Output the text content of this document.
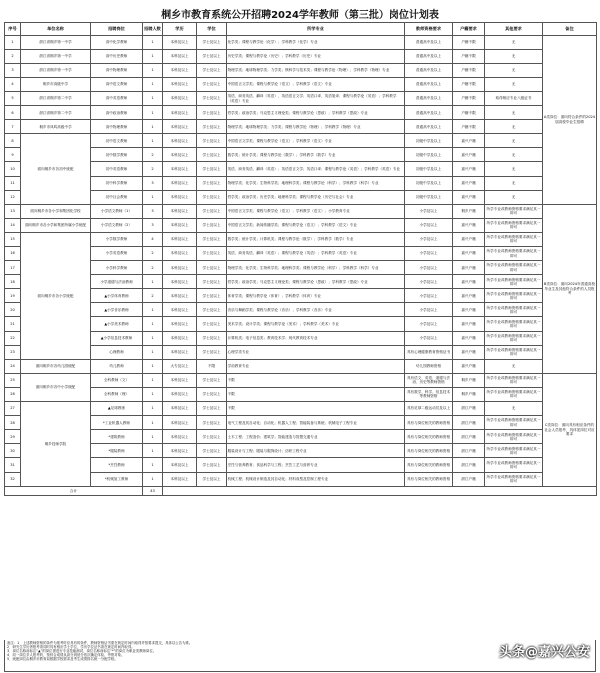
桐乡市教育系统公开招聘2024学年教师（第三批）岗位计划表
序号	单位名称	招聘岗位	招聘人数	学历	学位	所学专业	教师资格要求	户籍要求	其他要求	备注
1	浙江省桐乡第一中学	高中化学教师	1	本科及以上	学士及以上	化学类；课程与教学论（化学）；学科教学（化学）专业	普通高中及以上	户籍不限	无	A类岗位：面向符合条件的2024届高校毕业生招聘
2	浙江省桐乡第一中学	高中历史教师	1	本科及以上	学士及以上	历史学类；课程与教学论（历史）；学科教学（历史）专业	普通高中及以上	户籍不限	无	
3	浙江省桐乡第一中学	高中物理教师	1	本科及以上	学士及以上	物理学类；地球物理学类；力学类；核科学与技术类；课程与教学论（物理）；学科教学（物理）专业	普通高中及以上	户籍不限	无	
4	桐乡市高级中学	高中语文教师	1	本科及以上	学士及以上	中国语言文学类；课程与教学论（语文）；学科教学（语文）专业	普通高中及以上	户籍不限	无	
5	浙江省桐乡第二中学	高中英语教师	1	本科及以上	学士及以上	英语、商务英语、翻译（英语）、英语语言文学；英语口译、英语笔译；课程与教学论（英语）；学科教学（英语）专业	普通高中及以上	户籍不限	取得相应专业八级证书	
6	浙江省桐乡第二中学	高中政治教师	1	本科及以上	学士及以上	哲学类；政治学类；马克思主义理论类；课程与教学论（思政）；学科教学（思政）专业	普通高中及以上	户籍不限	无	
7	桐乡市凤鸣高级中学	高中物理教师	1	本科及以上	学士及以上	物理学类；地球物理学类；力学类；课程与教学论（物理）；学科教学（物理）专业	普通高中及以上	户籍不限	无	
8	面向桐乡市各初中统配	初中语文教师	1	本科及以上	学士及以上	中国语言文学类；课程与教学论（语文）；学科教学（语文）专业	初级中学及以上	嘉兴户籍	无	
9		初中数学教师	2	本科及以上	学士及以上	数学类；统计学类；课程与教学论（数学）；学科教学（数学）专业	初级中学及以上	嘉兴户籍	无	
10		初中英语教师	2	本科及以上	学士及以上	英语、商务英语、翻译（英语）；英语语言文学；英语口译；课程与教学论（英语）；学科教学（英语）专业	初级中学及以上	嘉兴户籍	无	
11		初中科学教师	3	本科及以上	学士及以上	物理学类；化学类；生物科学类；地理科学类；课程与教学论（科学）；学科教学（科学）专业	初级中学及以上	嘉兴户籍	无	
12		初中社会教师	1	本科及以上	学士及以上	哲学类；政治学类；历史学类；地理科学类；课程与教学论（历史与社会）专业	初级中学及以上	嘉兴户籍	无	
13	面向桐乡市各小学和集团化学校	小学语文教师（1）	3	本科及以上	学士及以上	中国语言文学类；课程与教学论（语文）；学科教学（语文）；小学教育专业	小学及以上	桐乡户籍	所学专业或教师资格要求满足其一即可	B类岗位：面向2024年普通高校毕业生及其他符合条件的人员报考
14	面向桐乡市各小学和集团所属小学统配	小学语文教师（2）	3	本科及以上	学士及以上	中国语言文学类；新闻传播学类；课程与教学论（语文）；学科教学（语文）专业	小学及以上	嘉兴户籍	所学专业或教师资格要求满足其一即可	
15	面向桐乡市各小学统配	小学数学教师	4	本科及以上	学士及以上	数学类；统计学类；计算机类；课程与教学论（数学）；学科教学（数学）专业	小学及以上	嘉兴户籍	所学专业或教师资格要求满足其一即可	
16		小学英语教师	2	本科及以上	学士及以上	英语、商务英语、翻译（英语）；课程与教学论（英语）；学科教学（英语）专业	小学及以上	嘉兴户籍	所学专业或教师资格要求满足其一即可	
17		小学科学教师	2	本科及以上	学士及以上	物理学类；化学类；生物科学类；地理科学类；课程与教学论（科学）；学科教学（科学）专业	小学及以上	嘉兴户籍	所学专业或教师资格要求满足其一即可	
18		小学道德与法治教师	1	本科及以上	学士及以上	哲学类；政治学类；马克思主义理论类；课程与教学论（思政）；学科教学（思政）专业	小学及以上	嘉兴户籍	所学专业或教师资格要求满足其一即可	
19		▲小学体育教师	2	本科及以上	学士及以上	体育学类；课程与教学论（体育）；学科教学（体育）专业	小学及以上	嘉兴户籍	所学专业或教师资格要求满足其一即可	
20		▲小学音乐教师	1	本科及以上	学士及以上	音乐与舞蹈学类；课程与教学论（音乐）；学科教学（音乐）专业	小学及以上	嘉兴户籍	所学专业或教师资格要求满足其一即可	
21		▲小学美术教师	1	本科及以上	学士及以上	美术学类；设计学类；课程与教学论（美术）；学科教学（美术）专业	小学及以上	嘉兴户籍	所学专业或教师资格要求满足其一即可	
22		▲小学信息技术教师	1	本科及以上	学士及以上	计算机类；电子信息类；教育技术学；现代教育技术专业	小学及以上	嘉兴户籍	所学专业或教师资格要求满足其一即可	
23		心理教师	1	本科及以上	学士及以上	心理学类专业	具有心理健康教育资格证书	嘉兴户籍	所学专业或教师资格要求满足其一即可	
24	面向桐乡市各幼儿园统配	幼儿教师	1	大专及以上	不限	学前教育专业	幼儿园教师资格	嘉兴户籍	无	
25	面向桐乡市各中小学统配	全科教师（文）	1	本科及以上	学士及以上	不限	具有语文、英语、道德与法治、历史等教师资格	桐乡户籍	所学专业或教师资格要求满足其一即可	C类岗位：面向具有相应条件的社会人员报考，具体见岗位对应要求
26		全科教师（理）	1	本科及以上	学士及以上	不限	具有数学、科学、信息技术等教师资格	桐乡户籍	所学专业或教师资格要求满足其一即可	
27	桐乡技师学院	▲足球教练	1	本科及以上	学士及以上	不限	具有足球二级运动员及以上	浙江户籍	无	
28		*工业机器人教师	1	本科及以上	学士及以上	电气工程及其自动化；自动化；机器人工程；智能装备与系统；机械电子工程专业	具有与岗位相关的教师资格	浙江户籍	所学专业或教师资格要求满足其一即可	
29		*建筑教师	1	本科及以上	学士及以上	土木工程；工程造价；建筑学；智能建造与智慧交通专业	具有与岗位相关的教师资格	浙江户籍	所学专业或教师资格要求满足其一即可	
30		*服装教师	1	本科及以上	学士及以上	服装设计与工程；服装与服饰设计；纺织工程专业	具有与岗位相关的教师资格	浙江户籍	所学专业或教师资格要求满足其一即可	
31		*烹饪教师	1	本科及以上	学士及以上	烹饪与营养教育；食品科学与工程；烹饪工艺与营养专业	具有与岗位相关的教师资格	浙江户籍	所学专业或教师资格要求满足其一即可	
32		*机械加工教师	1	本科及以上	学士及以上	机械工程；机械设计制造及其自动化；材料成型及控制工程专业	具有与岗位相关的教师资格	浙江户籍	所学专业或教师资格要求满足其一即可	
合计			43							
备注：1．上述教师资格的条件为报考时应具有的条件，教师资格证书需在规定时间内取得并按要求提交，具体以公告为准。
2．研究生学历者报考须同时具有相应学士学位，学历学位证书须在规定时间内取得。
3．岗位名称前标注“▲”的岗位需进行专业技能测试，岗位名称前标注“*”的岗位为职业类教师岗位。
4．同一岗位多人报考的，按综合成绩从高分到低分依次确定体检、考察对象。
5．统配岗位由桐乡市教育局根据学校需求及考生成绩排名统一分配学校。	头条@嘉兴公安
